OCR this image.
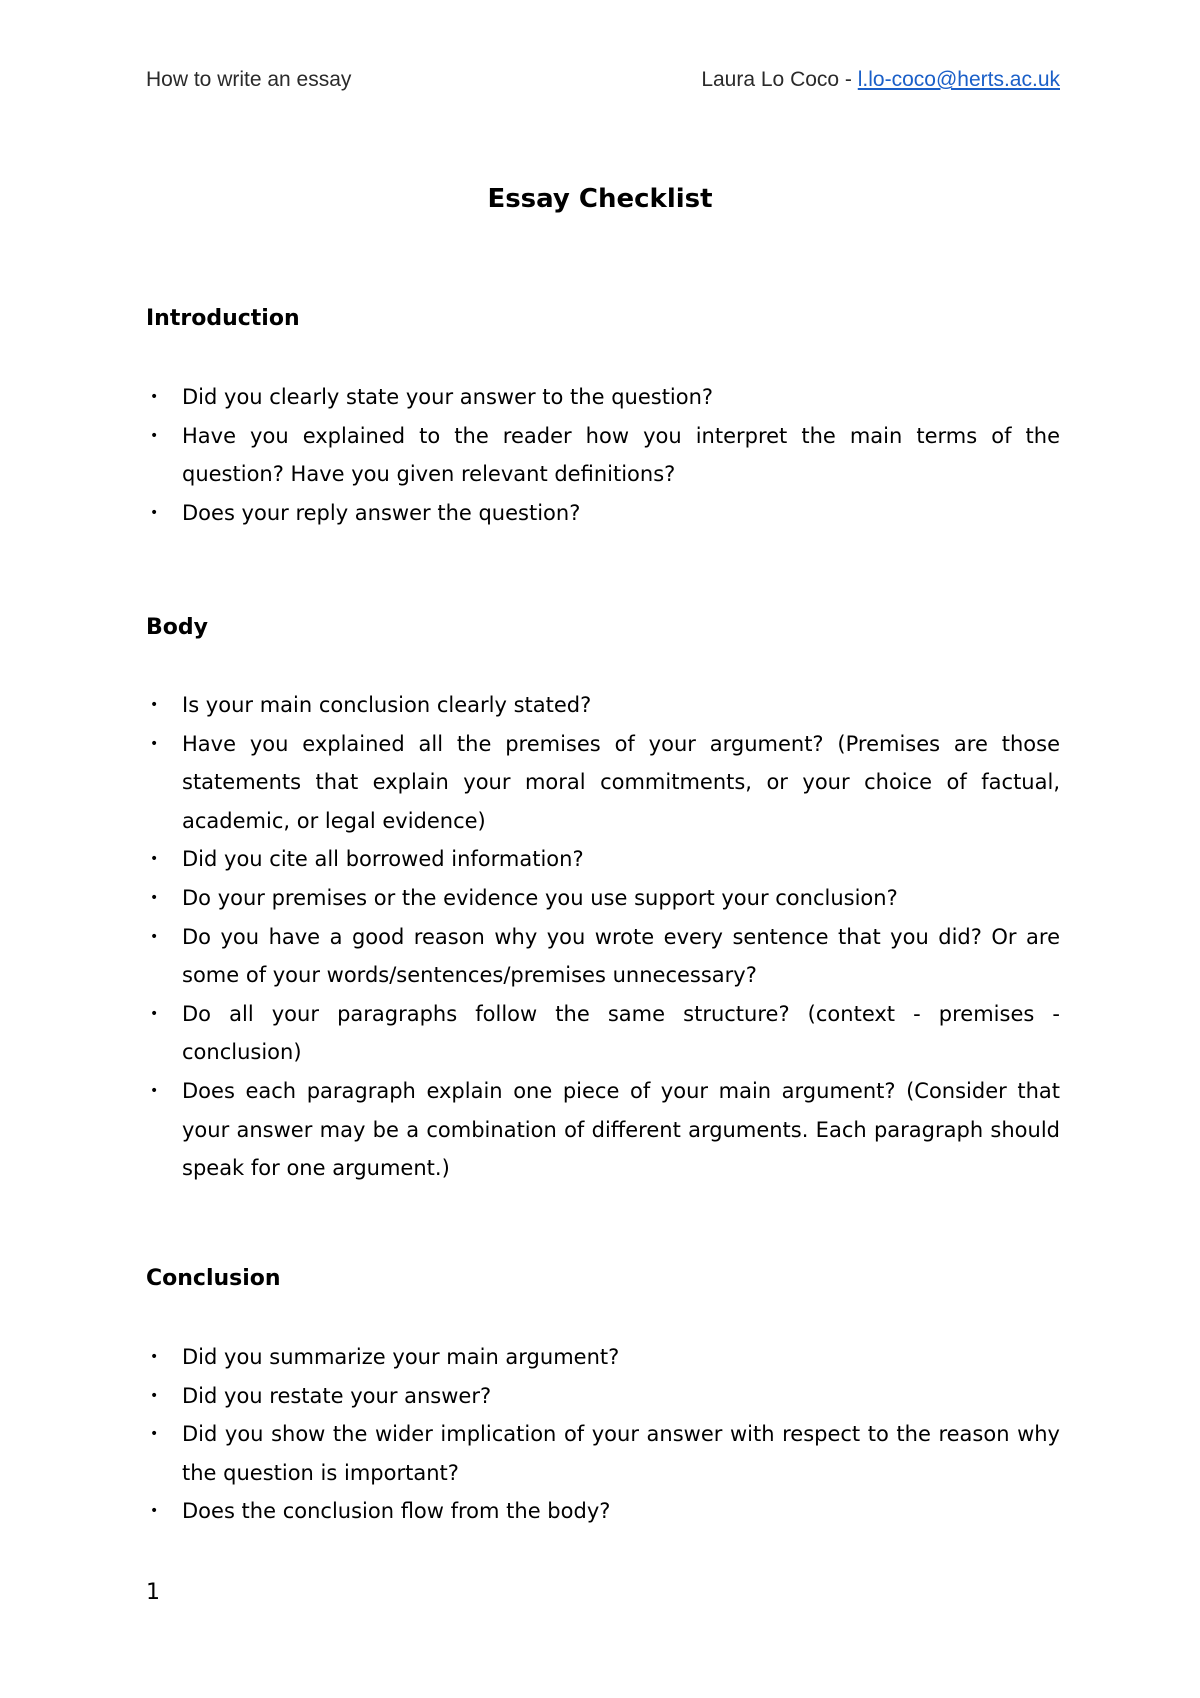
How to write an essay	Laura Lo Coco - l.lo-coco@herts.ac.uk
Essay Checklist
Introduction
• Did you clearly state your answer to the question?
• Have you explained to the reader how you interpret the main terms of the question? Have you given relevant definitions?
• Does your reply answer the question?
Body
• Is your main conclusion clearly stated?
• Have you explained all the premises of your argument? (Premises are those statements that explain your moral commitments, or your choice of factual, academic, or legal evidence)
• Did you cite all borrowed information?
• Do your premises or the evidence you use support your conclusion?
• Do you have a good reason why you wrote every sentence that you did? Or are some of your words/sentences/premises unnecessary?
• Do all your paragraphs follow the same structure? (context - premises - conclusion)
• Does each paragraph explain one piece of your main argument? (Consider that your answer may be a combination of different arguments. Each paragraph should speak for one argument.)
Conclusion
• Did you summarize your main argument?
• Did you restate your answer?
• Did you show the wider implication of your answer with respect to the reason why the question is important?
• Does the conclusion flow from the body?
1
